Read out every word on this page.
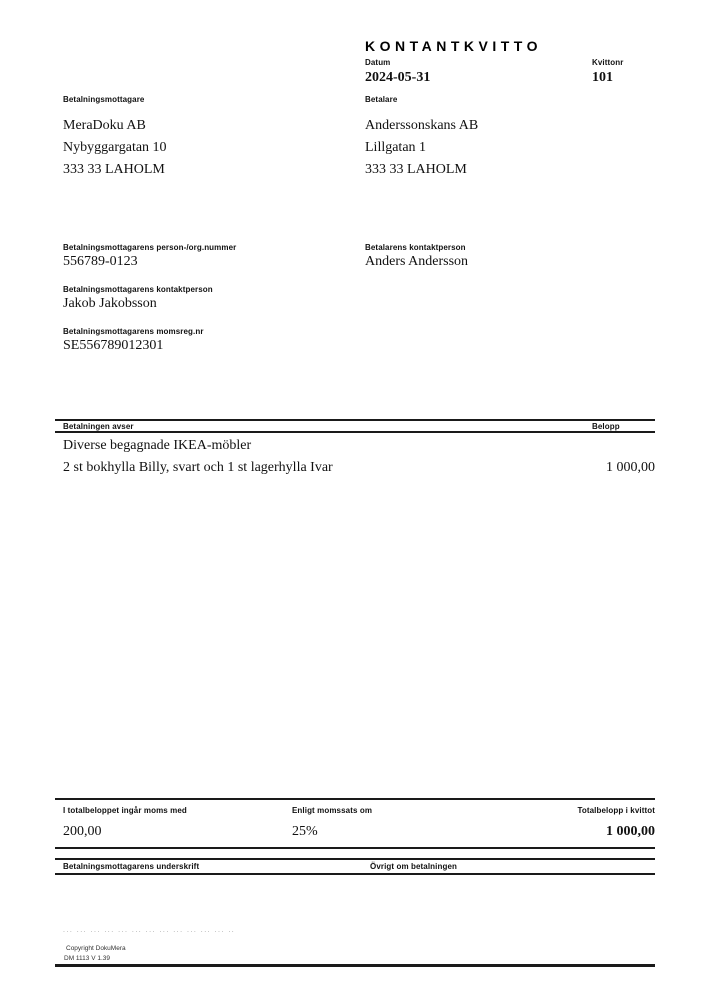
KONTANTKVITTO
Datum
2024-05-31
Kvittonr
101
Betalningsmottagare	Betalare
MeraDoku AB
Nybyggargatan 10
333 33 LAHOLM
Anderssonskans AB
Lillgatan 1
333 33 LAHOLM
Betalningsmottagarens person-/org.nummer
556789-0123
Betalarens kontaktperson
Anders Andersson
Betalningsmottagarens kontaktperson
Jakob Jakobsson
Betalningsmottagarens momsreg.nr
SE556789012301
Betalningen avser	Belopp
Diverse begagnade IKEA-möbler
2 st bokhylla Billy, svart och 1 st lagerhylla Ivar	1 000,00
I totalbeloppet ingår moms med	Enligt momssats om	Totalbelopp i kvittot
200,00	25%	1 000,00
Betalningsmottagarens underskrift	Övrigt om betalningen
... ... ... ... ... ... ... ... ... ... ... ... ..
Copyright DokuMera
DM 1113 V 1.39
